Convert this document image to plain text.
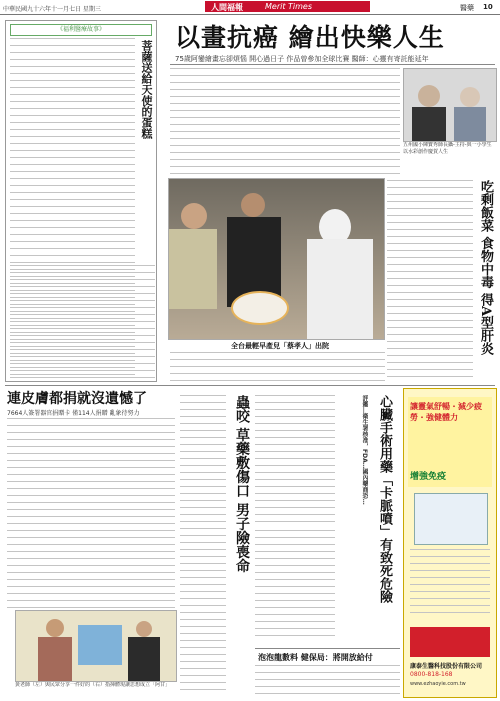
中華民國九十六年十一月七日 星期三	人間福報	Merit Times	醫藥 10
《福利醫療故事》
菩薩送給天使的蛋糕
以畫抗癌 繪出快樂人生
75歲阿鑾繪畫忘卻煩惱 開心過日子 作品曾參加全球比賽 醫師：心靈有寄託能延年
五州國小陳寶秀師長攝-主持-與一小學生以水彩創作慶賀人生
全台最輕早產兒「蔡孝人」出院	吃剩飯菜 食物中毒 得A型肝炎
連皮膚都捐就沒遺憾了
7664人簽署器官捐贈卡 僅114人捐贈 亂象待努力
黃老師（左）與民眾分享一件好的（右）指揮體現讓思想成立「阿甘」
蟲咬 草藥敷傷口 男子險喪命	心臟手術用藥「卡脈噴」有致死危險
評鑑…衛生署核准，FDA…國內藥商恐…
泡泡龍數料 健保局：將開放給付
讓靈氣舒暢・減少疲勞・強健體力
增強免疫
康泰生醫科技股份有限公司
0800-818-168
www.ezhaoyie.com.tw
